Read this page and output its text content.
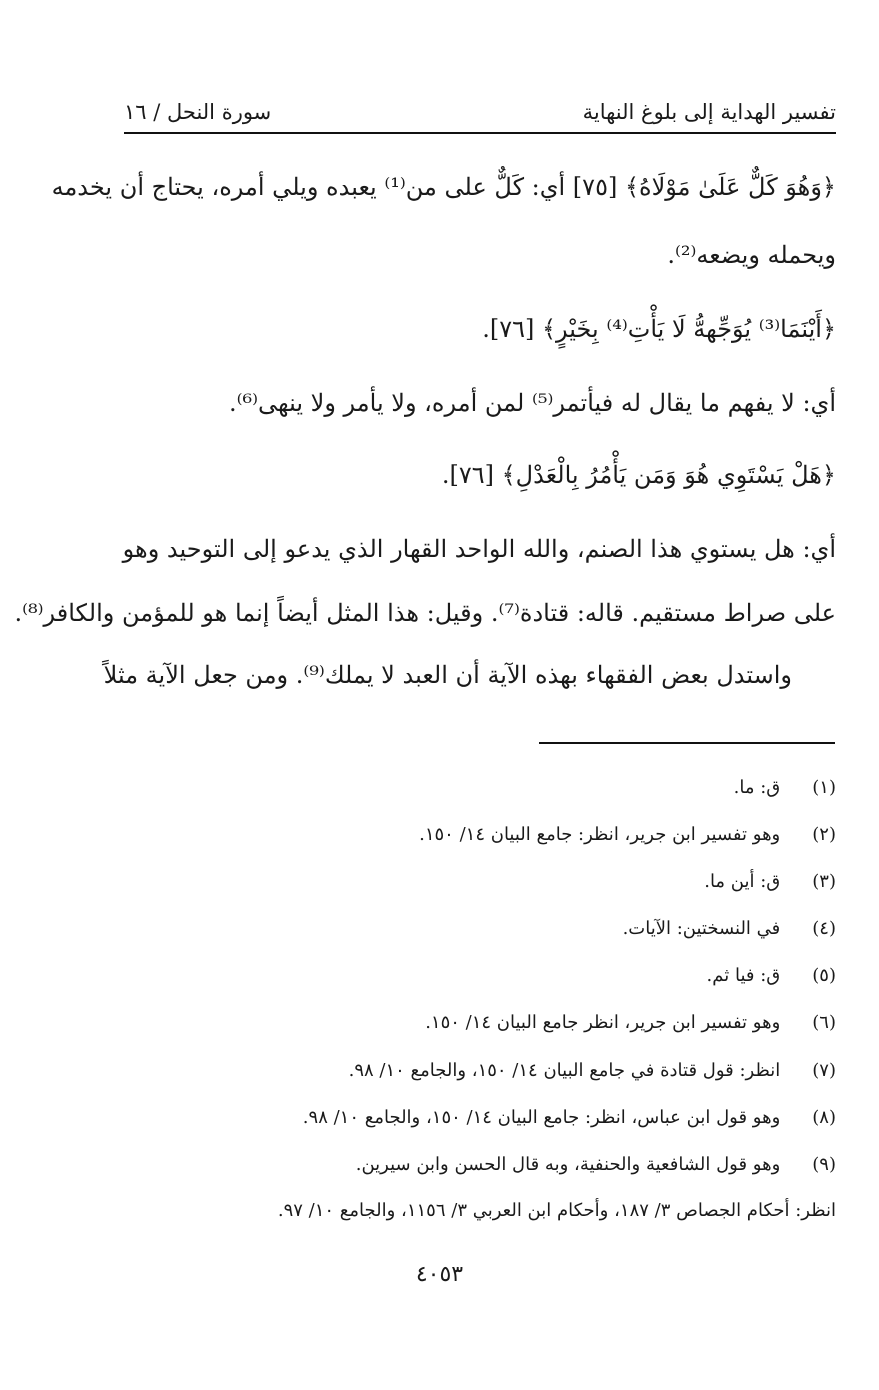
تفسير الهداية إلى بلوغ النهاية
سورة النحل / ١٦

﴿وَهُوَ كَلٌّ عَلَىٰ مَوْلَاهُ﴾ [٧٥] أي: كَلٌّ على من⁽¹⁾ يعبده ويلي أمره، يحتاج أن يخدمه

ويحمله ويضعه⁽²⁾.

﴿أَيْنَمَا⁽³⁾ يُوَجِّههُّ لَا يَأْتِ⁽⁴⁾ بِخَيْرٍ﴾ [٧٦].

أي: لا يفهم ما يقال له فيأتمر⁽⁵⁾ لمن أمره، ولا يأمر ولا ينهى⁽⁶⁾.

﴿هَلْ يَسْتَوِي هُوَ وَمَن يَأْمُرُ بِالْعَدْلِ﴾ [٧٦].

أي: هل يستوي هذا الصنم، والله الواحد القهار الذي يدعو إلى التوحيد وهو

على صراط مستقيم. قاله: قتادة⁽⁷⁾. وقيل: هذا المثل أيضاً إنما هو للمؤمن والكافر⁽⁸⁾.

واستدل بعض الفقهاء بهذه الآية أن العبد لا يملك⁽⁹⁾. ومن جعل الآية مثلاً

(١) ق: ما.
(٢) وهو تفسير ابن جرير، انظر: جامع البيان ١٤/ ١٥٠.
(٣) ق: أين ما.
(٤) في النسختين: الآيات.
(٥) ق: فيا ثم.
(٦) وهو تفسير ابن جرير، انظر جامع البيان ١٤/ ١٥٠.
(٧) انظر: قول قتادة في جامع البيان ١٤/ ١٥٠، والجامع ١٠/ ٩٨.
(٨) وهو قول ابن عباس، انظر: جامع البيان ١٤/ ١٥٠، والجامع ١٠/ ٩٨.
(٩) وهو قول الشافعية والحنفية، وبه قال الحسن وابن سيرين.
انظر: أحكام الجصاص ٣/ ١٨٧، وأحكام ابن العربي ٣/ ١١٥٦، والجامع ١٠/ ٩٧.
٤٠٥٣
